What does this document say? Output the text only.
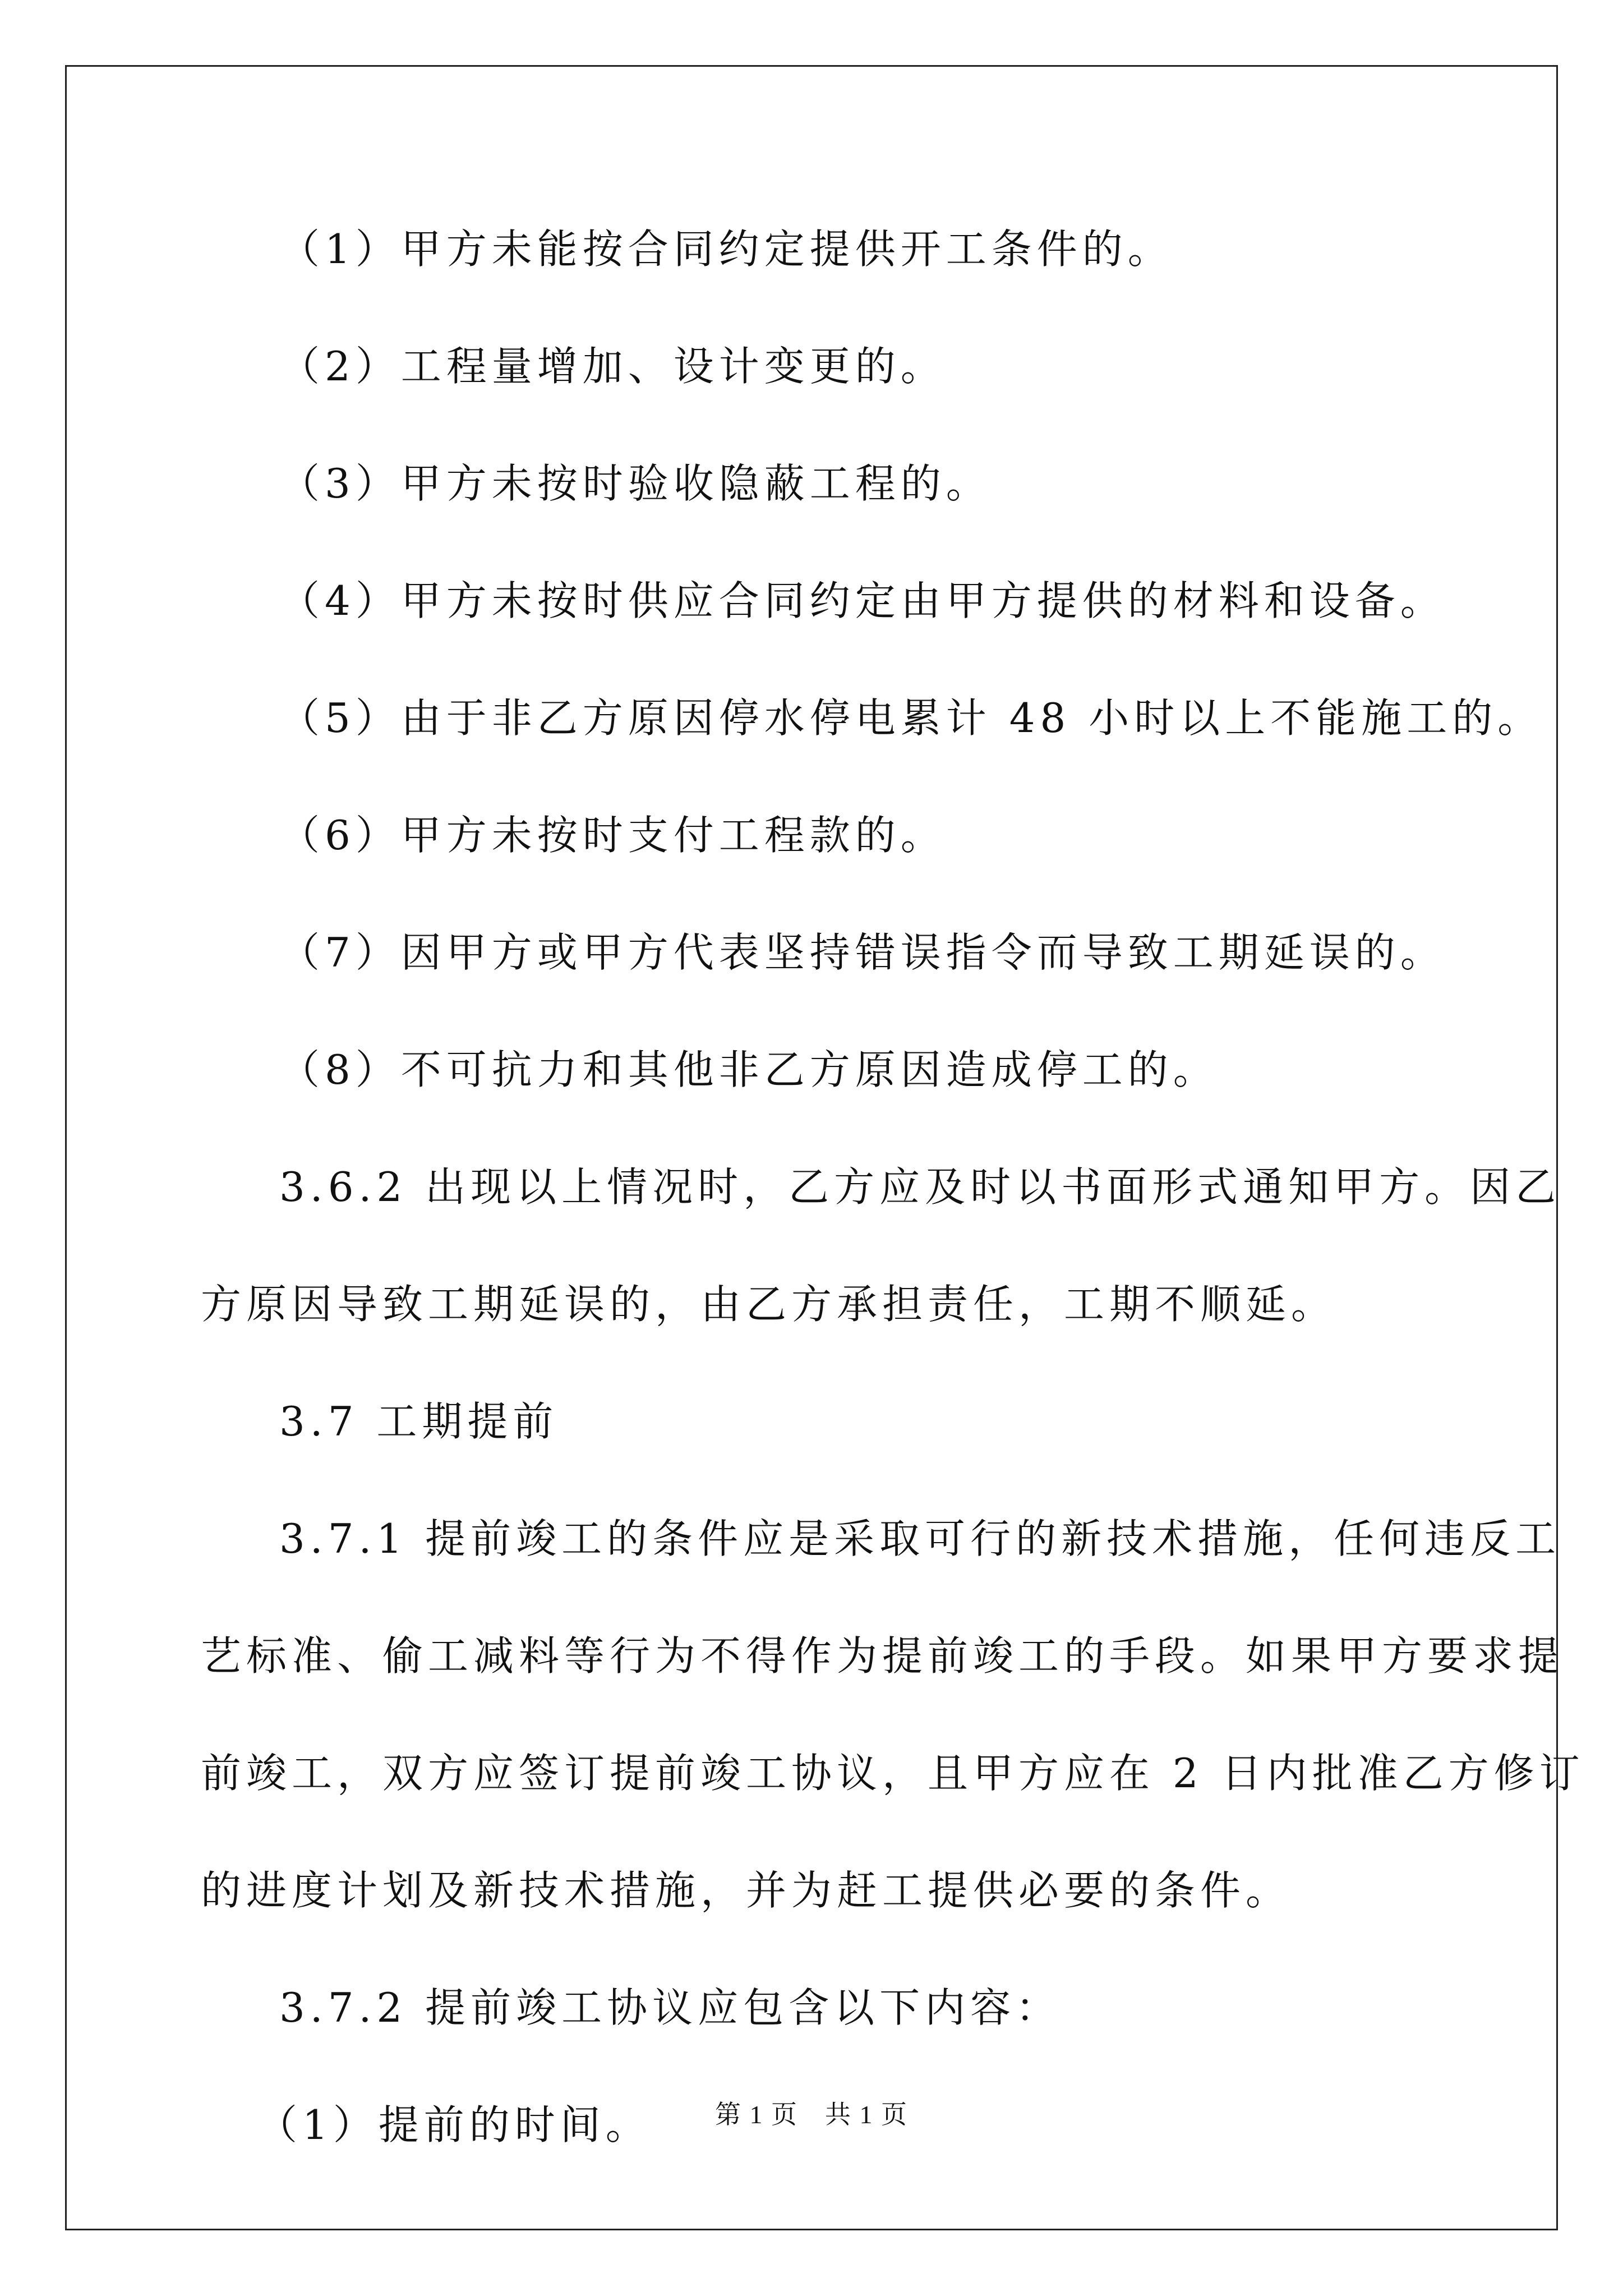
（1）甲方未能按合同约定提供开工条件的。
（2）工程量增加、设计变更的。
（3）甲方未按时验收隐蔽工程的。
（4）甲方未按时供应合同约定由甲方提供的材料和设备。
（5）由于非乙方原因停水停电累计 48 小时以上不能施工的。
（6）甲方未按时支付工程款的。
（7）因甲方或甲方代表坚持错误指令而导致工期延误的。
（8）不可抗力和其他非乙方原因造成停工的。
3.6.2 出现以上情况时，乙方应及时以书面形式通知甲方。因乙
方原因导致工期延误的，由乙方承担责任，工期不顺延。
3.7 工期提前
3.7.1 提前竣工的条件应是采取可行的新技术措施，任何违反工
艺标准、偷工减料等行为不得作为提前竣工的手段。如果甲方要求提
前竣工，双方应签订提前竣工协议，且甲方应在 2 日内批准乙方修订
的进度计划及新技术措施，并为赶工提供必要的条件。
3.7.2 提前竣工协议应包含以下内容：
（1）提前的时间。	第 1 页　共 1 页
